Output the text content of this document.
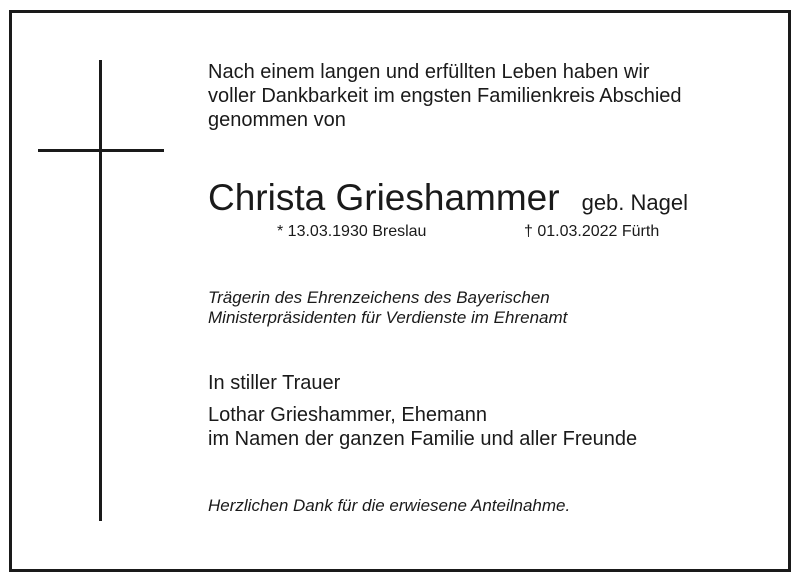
Nach einem langen und erfüllten Leben haben wir
voller Dankbarkeit im engsten Familienkreis Abschied
genommen von
Christa Grieshammer geb. Nagel
* 13.03.1930 Breslau	† 01.03.2022 Fürth
Trägerin des Ehrenzeichens des Bayerischen
Ministerpräsidenten für Verdienste im Ehrenamt
In stiller Trauer
Lothar Grieshammer, Ehemann
im Namen der ganzen Familie und aller Freunde
Herzlichen Dank für die erwiesene Anteilnahme.
